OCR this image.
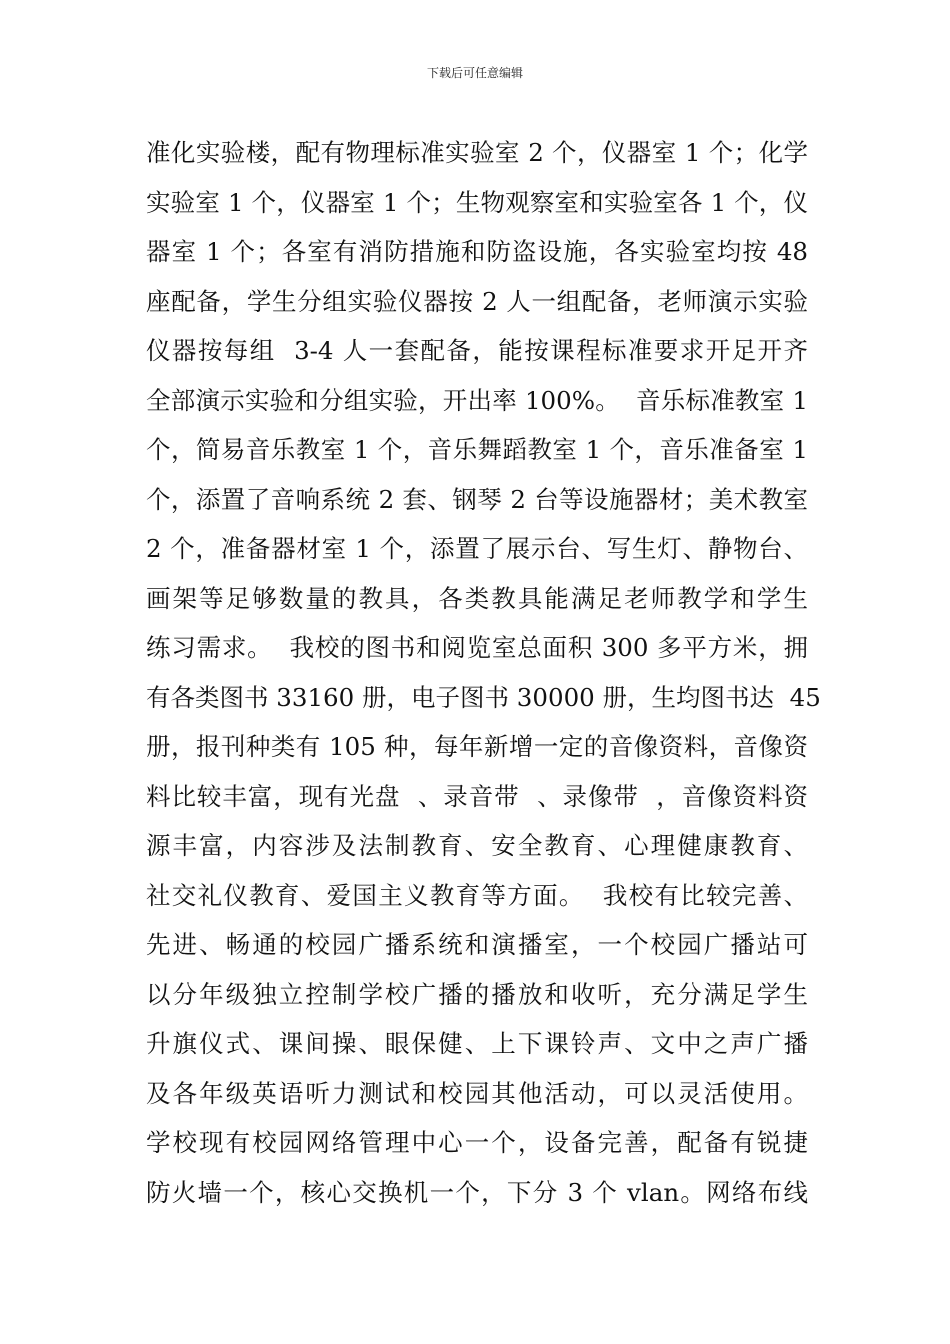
下载后可任意编辑
准化实验楼，配有物理标准实验室 2 个，仪器室 1 个；化学
实验室 1 个，仪器室 1 个；生物观察室和实验室各 1 个，仪
器室 1 个；各室有消防措施和防盗设施，各实验室均按 48
座配备，学生分组实验仪器按 2 人一组配备，老师演示实验
仪器按每组  3-4 人一套配备，能按课程标准要求开足开齐
全部演示实验和分组实验，开出率 100%。  音乐标准教室 1
个，简易音乐教室 1 个，音乐舞蹈教室 1 个，音乐准备室 1
个，添置了音响系统 2 套、钢琴 2 台等设施器材；美术教室
2 个，准备器材室 1 个，添置了展示台、写生灯、静物台、
画架等足够数量的教具，各类教具能满足老师教学和学生
练习需求。  我校的图书和阅览室总面积 300 多平方米，拥
有各类图书 33160 册，电子图书 30000 册，生均图书达  45
册，报刊种类有 105 种，每年新增一定的音像资料，音像资
料比较丰富，现有光盘  、录音带  、录像带  ，音像资料资
源丰富，内容涉及法制教育、安全教育、心理健康教育、
社交礼仪教育、爱国主义教育等方面。  我校有比较完善、
先进、畅通的校园广播系统和演播室，一个校园广播站可
以分年级独立控制学校广播的播放和收听，充分满足学生
升旗仪式、课间操、眼保健、上下课铃声、文中之声广播
及各年级英语听力测试和校园其他活动，可以灵活使用。
学校现有校园网络管理中心一个，设备完善，配备有锐捷
防火墙一个，核心交换机一个，下分 3 个 vlan。网络布线
